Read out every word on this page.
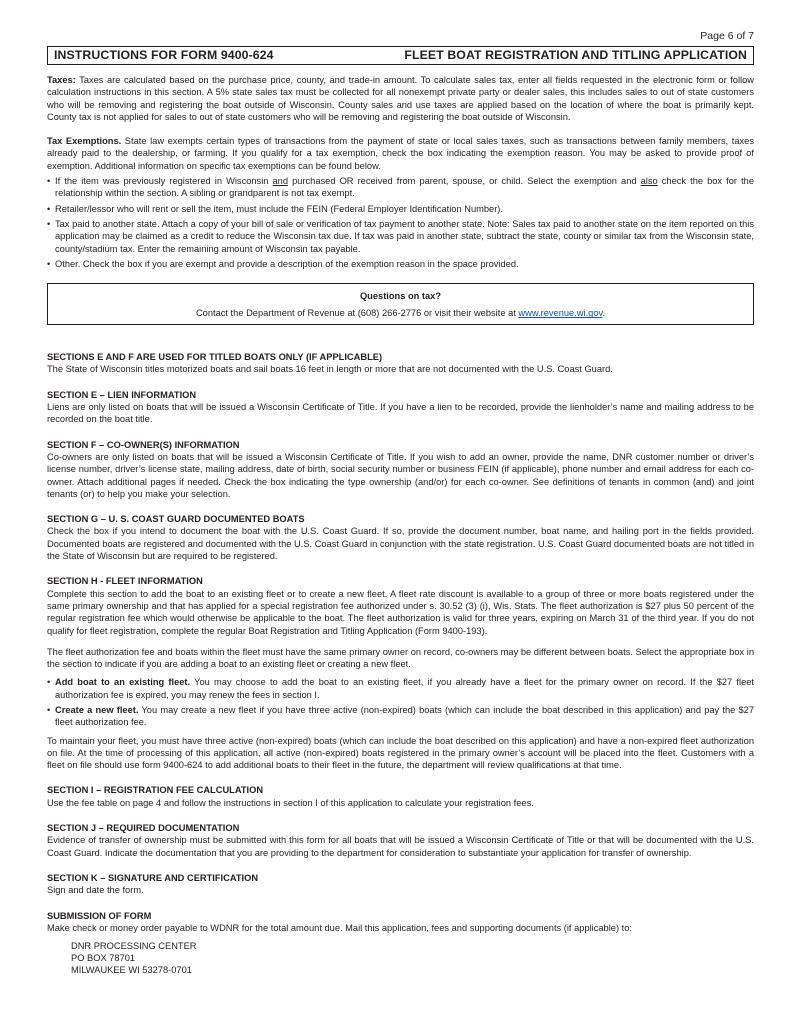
Page 6 of 7
INSTRUCTIONS FOR FORM 9400-624	FLEET BOAT REGISTRATION AND TITLING APPLICATION

Taxes: Taxes are calculated based on the purchase price, county, and trade-in amount. To calculate sales tax, enter all fields requested in the electronic form or follow calculation instructions in this section. A 5% state sales tax must be collected for all nonexempt private party or dealer sales, this includes sales to out of state customers who will be removing and registering the boat outside of Wisconsin. County sales and use taxes are applied based on the location of where the boat is primarily kept. County tax is not applied for sales to out of state customers who will be removing and registering the boat outside of Wisconsin.

Tax Exemptions. State law exempts certain types of transactions from the payment of state or local sales taxes, such as transactions between family members, taxes already paid to the dealership, or farming. If you qualify for a tax exemption, check the box indicating the exemption reason. You may be asked to provide proof of exemption. Additional information on specific tax exemptions can be found below.

• If the item was previously registered in Wisconsin and purchased OR received from parent, spouse, or child. Select the exemption and also check the box for the relationship within the section. A sibling or grandparent is not tax exempt.
• Retailer/lessor who will rent or sell the item, must include the FEIN (Federal Employer Identification Number).
• Tax paid to another state. Attach a copy of your bill of sale or verification of tax payment to another state. Note: Sales tax paid to another state on the item reported on this application may be claimed as a credit to reduce the Wisconsin tax due. If tax was paid in another state, subtract the state, county or similar tax from the Wisconsin state, county/stadium tax. Enter the remaining amount of Wisconsin tax payable.
• Other. Check the box if you are exempt and provide a description of the exemption reason in the space provided.
Questions on tax?
Contact the Department of Revenue at (608) 266-2776 or visit their website at www.revenue.wi.gov.
SECTIONS E AND F ARE USED FOR TITLED BOATS ONLY (IF APPLICABLE)

The State of Wisconsin titles motorized boats and sail boats 16 feet in length or more that are not documented with the U.S. Coast Guard.

SECTION E – LIEN INFORMATION

Liens are only listed on boats that will be issued a Wisconsin Certificate of Title. If you have a lien to be recorded, provide the lienholder’s name and mailing address to be recorded on the boat title.

SECTION F – CO-OWNER(S) INFORMATION

Co-owners are only listed on boats that will be issued a Wisconsin Certificate of Title. If you wish to add an owner, provide the name, DNR customer number or driver’s license number, driver’s license state, mailing address, date of birth, social security number or business FEIN (if applicable), phone number and email address for each co-owner. Attach additional pages if needed. Check the box indicating the type ownership (and/or) for each co-owner. See definitions of tenants in common (and) and joint tenants (or) to help you make your selection.

SECTION G – U. S. COAST GUARD DOCUMENTED BOATS

Check the box if you intend to document the boat with the U.S. Coast Guard. If so, provide the document number, boat name, and hailing port in the fields provided. Documented boats are registered and documented with the U.S. Coast Guard in conjunction with the state registration. U.S. Coast Guard documented boats are not titled in the State of Wisconsin but are required to be registered.

SECTION H - FLEET INFORMATION

Complete this section to add the boat to an existing fleet or to create a new fleet. A fleet rate discount is available to a group of three or more boats registered under the same primary ownership and that has applied for a special registration fee authorized under s. 30.52 (3) (i), Wis. Stats. The fleet authorization is $27 plus 50 percent of the regular registration fee which would otherwise be applicable to the boat. The fleet authorization is valid for three years, expiring on March 31 of the third year. If you do not qualify for fleet registration, complete the regular Boat Registration and Titling Application (Form 9400-193).

The fleet authorization fee and boats within the fleet must have the same primary owner on record, co-owners may be different between boats. Select the appropriate box in the section to indicate if you are adding a boat to an existing fleet or creating a new fleet.

• Add boat to an existing fleet. You may choose to add the boat to an existing fleet, if you already have a fleet for the primary owner on record. If the $27 fleet authorization fee is expired, you may renew the fees in section I.
• Create a new fleet. You may create a new fleet if you have three active (non-expired) boats (which can include the boat described in this application) and pay the $27 fleet authorization fee.

To maintain your fleet, you must have three active (non-expired) boats (which can include the boat described on this application) and have a non-expired fleet authorization on file. At the time of processing of this application, all active (non-expired) boats registered in the primary owner’s account will be placed into the fleet. Customers with a fleet on file should use form 9400-624 to add additional boats to their fleet in the future, the department will review qualifications at that time.

SECTION I – REGISTRATION FEE CALCULATION

Use the fee table on page 4 and follow the instructions in section I of this application to calculate your registration fees.

SECTION J – REQUIRED DOCUMENTATION

Evidence of transfer of ownership must be submitted with this form for all boats that will be issued a Wisconsin Certificate of Title or that will be documented with the U.S. Coast Guard. Indicate the documentation that you are providing to the department for consideration to substantiate your application for transfer of ownership.

SECTION K – SIGNATURE AND CERTIFICATION

Sign and date the form.

SUBMISSION OF FORM

Make check or money order payable to WDNR for the total amount due. Mail this application, fees and supporting documents (if applicable) to:

DNR PROCESSING CENTER
PO BOX 78701
MILWAUKEE WI 53278-0701
